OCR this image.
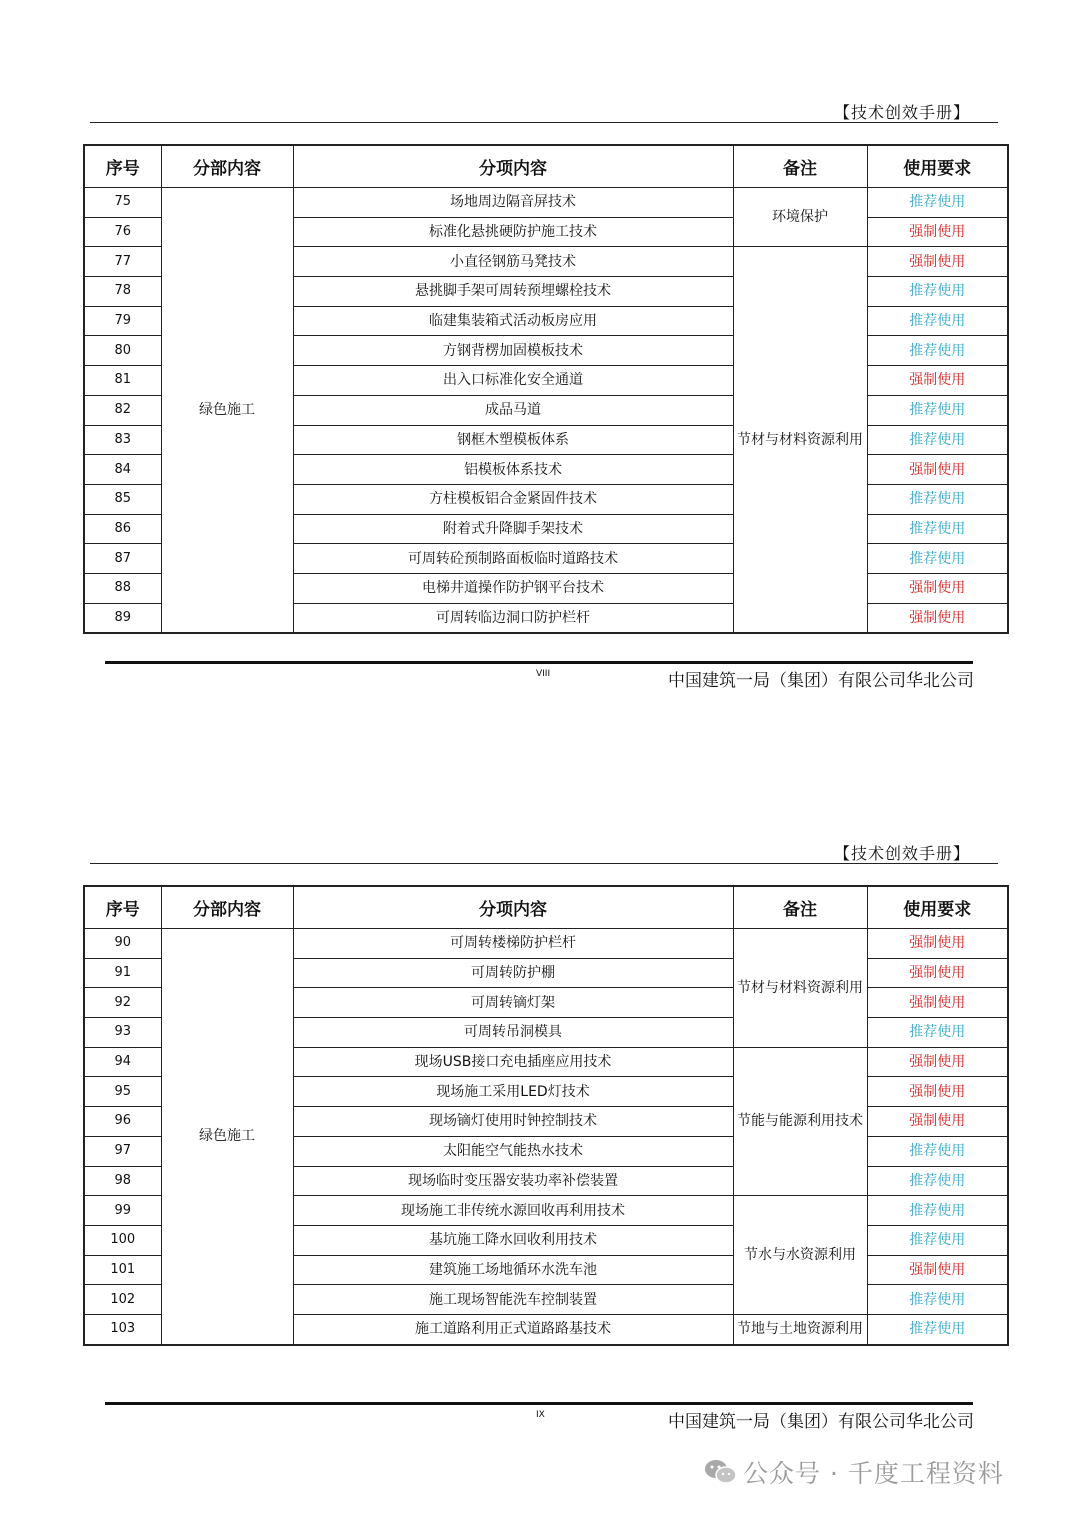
【技术创效手册】
序号	分部内容	分项内容	备注	使用要求
75	绿色施工	场地周边隔音屏技术	环境保护	推荐使用
76		标准化悬挑硬防护施工技术		强制使用
77		小直径钢筋马凳技术	节材与材料资源利用	强制使用
78		悬挑脚手架可周转预埋螺栓技术		推荐使用
79		临建集装箱式活动板房应用		推荐使用
80		方钢背楞加固模板技术		推荐使用
81		出入口标准化安全通道		强制使用
82		成品马道		推荐使用
83		钢框木塑模板体系		推荐使用
84		铝模板体系技术		强制使用
85		方柱模板铝合金紧固件技术		推荐使用
86		附着式升降脚手架技术		推荐使用
87		可周转砼预制路面板临时道路技术		推荐使用
88		电梯井道操作防护钢平台技术		强制使用
89		可周转临边洞口防护栏杆		强制使用
VIII	中国建筑一局（集团）有限公司华北公司
【技术创效手册】
序号	分部内容	分项内容	备注	使用要求
90	绿色施工	可周转楼梯防护栏杆	节材与材料资源利用	强制使用
91		可周转防护棚		强制使用
92		可周转镝灯架		强制使用
93		可周转吊洞模具		推荐使用
94		现场USB接口充电插座应用技术	节能与能源利用技术	强制使用
95		现场施工采用LED灯技术		强制使用
96		现场镝灯使用时钟控制技术		强制使用
97		太阳能空气能热水技术		推荐使用
98		现场临时变压器安装功率补偿装置		推荐使用
99		现场施工非传统水源回收再利用技术	节水与水资源利用	推荐使用
100		基坑施工降水回收利用技术		推荐使用
101		建筑施工场地循环水洗车池		强制使用
102		施工现场智能洗车控制装置		推荐使用
103		施工道路利用正式道路路基技术	节地与土地资源利用	推荐使用
IX	中国建筑一局（集团）有限公司华北公司
公众号 · 千度工程资料
